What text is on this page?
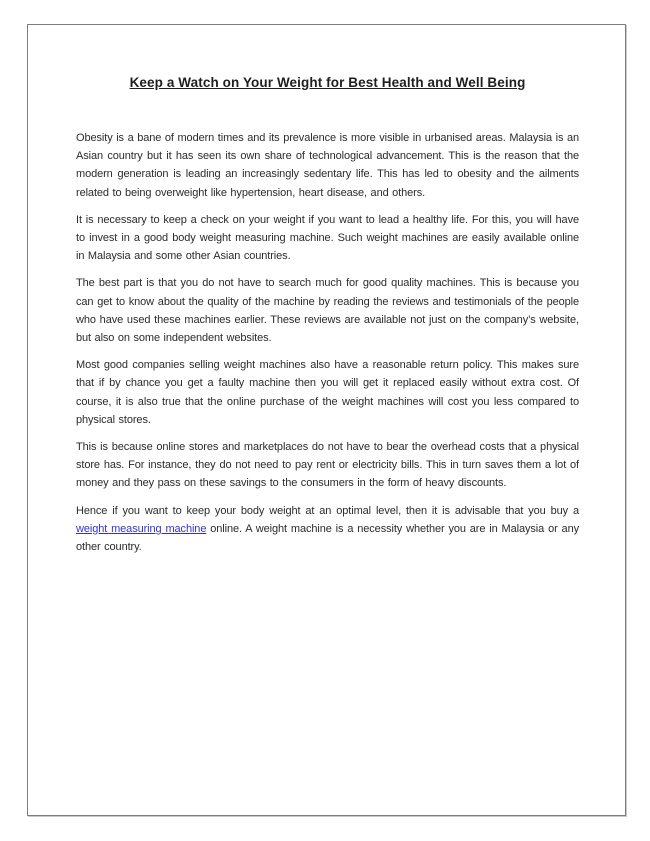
Keep a Watch on Your Weight for Best Health and Well Being

Obesity is a bane of modern times and its prevalence is more visible in urbanised areas. Malaysia is an Asian country but it has seen its own share of technological advancement. This is the reason that the modern generation is leading an increasingly sedentary life. This has led to obesity and the ailments related to being overweight like hypertension, heart disease, and others.

It is necessary to keep a check on your weight if you want to lead a healthy life. For this, you will have to invest in a good body weight measuring machine. Such weight machines are easily available online in Malaysia and some other Asian countries.

The best part is that you do not have to search much for good quality machines. This is because you can get to know about the quality of the machine by reading the reviews and testimonials of the people who have used these machines earlier. These reviews are available not just on the company’s website, but also on some independent websites.

Most good companies selling weight machines also have a reasonable return policy. This makes sure that if by chance you get a faulty machine then you will get it replaced easily without extra cost. Of course, it is also true that the online purchase of the weight machines will cost you less compared to physical stores.

This is because online stores and marketplaces do not have to bear the overhead costs that a physical store has. For instance, they do not need to pay rent or electricity bills. This in turn saves them a lot of money and they pass on these savings to the consumers in the form of heavy discounts.

Hence if you want to keep your body weight at an optimal level, then it is advisable that you buy a weight measuring machine online. A weight machine is a necessity whether you are in Malaysia or any other country.
